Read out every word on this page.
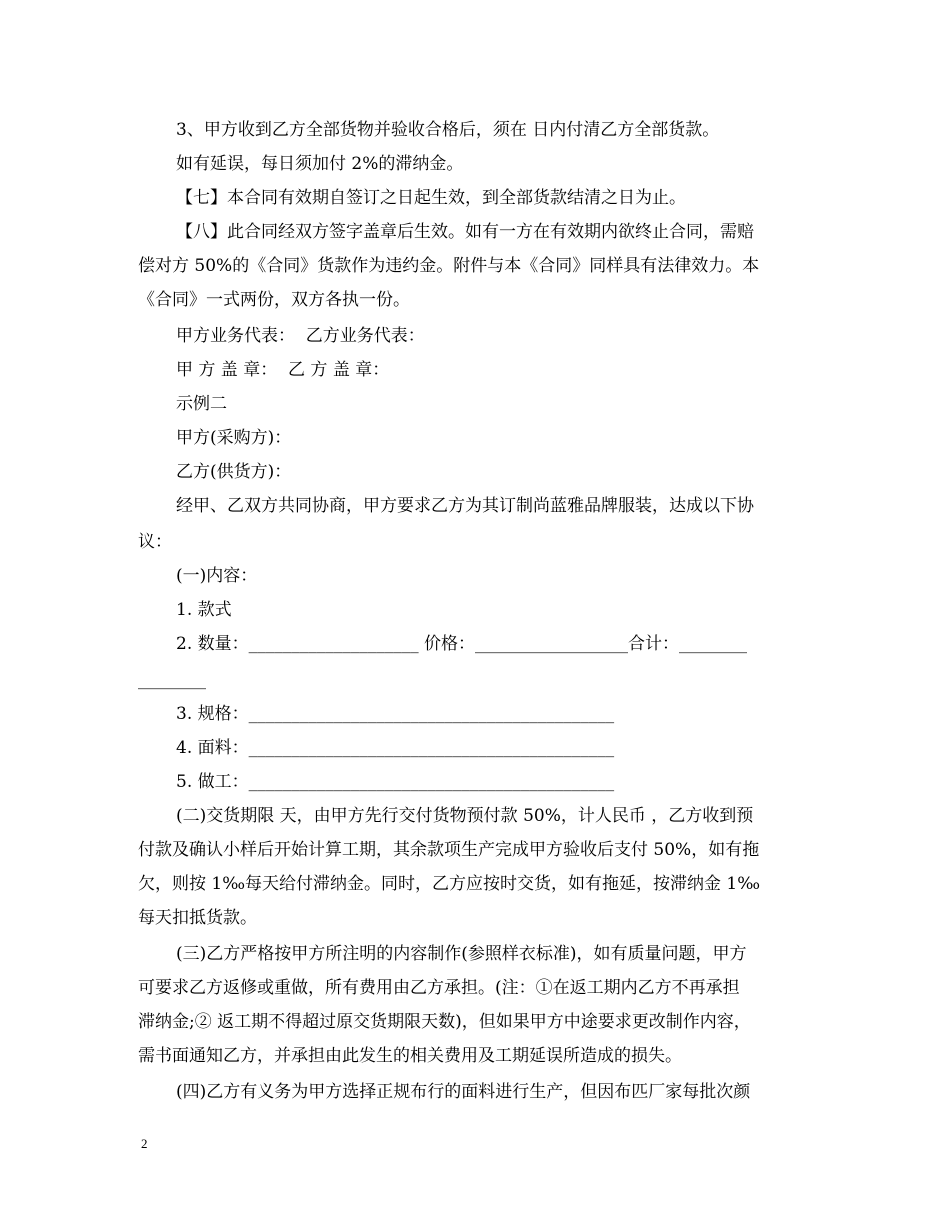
3、甲方收到乙方全部货物并验收合格后，须在 日内付清乙方全部货款。
如有延误，每日须加付 2%的滞纳金。
【七】本合同有效期自签订之日起生效，到全部货款结清之日为止。
【八】此合同经双方签字盖章后生效。如有一方在有效期内欲终止合同，需赔
偿对方 50%的《合同》货款作为违约金。附件与本《合同》同样具有法律效力。本
《合同》一式两份，双方各执一份。
甲方业务代表：  乙方业务代表：
甲 方 盖 章：  乙 方 盖 章：
示例二
甲方(采购方)：
乙方(供货方)：
经甲、乙双方共同协商，甲方要求乙方为其订制尚蓝雅品牌服装，达成以下协
议：
(一)内容：
1. 款式
2. 数量：____________________ 价格：__________________合计：________
________
3. 规格：___________________________________________
4. 面料：___________________________________________
5. 做工：___________________________________________
(二)交货期限 天，由甲方先行交付货物预付款 50%，计人民币 ，乙方收到预
付款及确认小样后开始计算工期，其余款项生产完成甲方验收后支付 50%，如有拖
欠，则按 1‰每天给付滞纳金。同时，乙方应按时交货，如有拖延，按滞纳金 1‰
每天扣抵货款。
(三)乙方严格按甲方所注明的内容制作(参照样衣标准)，如有质量问题，甲方
可要求乙方返修或重做，所有费用由乙方承担。(注：①在返工期内乙方不再承担
滞纳金;② 返工期不得超过原交货期限天数)，但如果甲方中途要求更改制作内容，
需书面通知乙方，并承担由此发生的相关费用及工期延误所造成的损失。
(四)乙方有义务为甲方选择正规布行的面料进行生产，但因布匹厂家每批次颜
2
